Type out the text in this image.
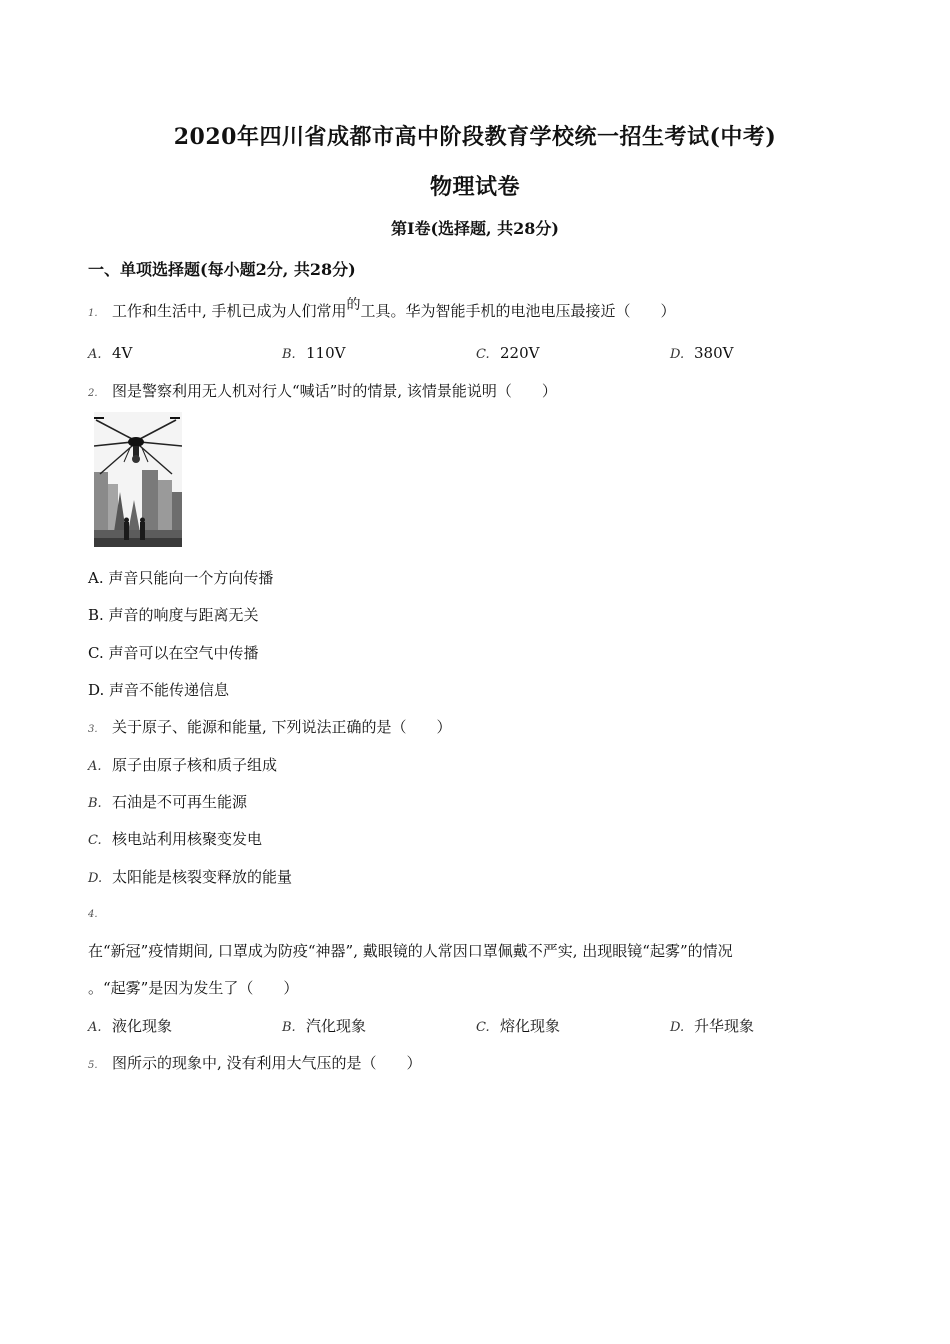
2020年四川省成都市高中阶段教育学校统一招生考试(中考)
物理试卷
第Ⅰ卷(选择题, 共28分)
一、单项选择题(每小题2分, 共28分)
1. 工作和生活中, 手机已成为人们常用的工具。华为智能手机的电池电压最接近（　　）
A. 4V	B. 110V	C. 220V	D. 380V
2. 图是警察利用无人机对行人“喊话”时的情景, 该情景能说明（　　）
A. 声音只能向一个方向传播
B. 声音的响度与距离无关
C. 声音可以在空气中传播
D. 声音不能传递信息
3. 关于原子、能源和能量, 下列说法正确的是（　　）
A. 原子由原子核和质子组成
B. 石油是不可再生能源
C. 核电站利用核聚变发电
D. 太阳能是核裂变释放的能量
4.
在“新冠”疫情期间, 口罩成为防疫“神器”, 戴眼镜的人常因口罩佩戴不严实, 出现眼镜“起雾”的情况
。“起雾”是因为发生了（　　）
A. 液化现象	B. 汽化现象	C. 熔化现象	D. 升华现象
5. 图所示的现象中, 没有利用大气压的是（　　）
